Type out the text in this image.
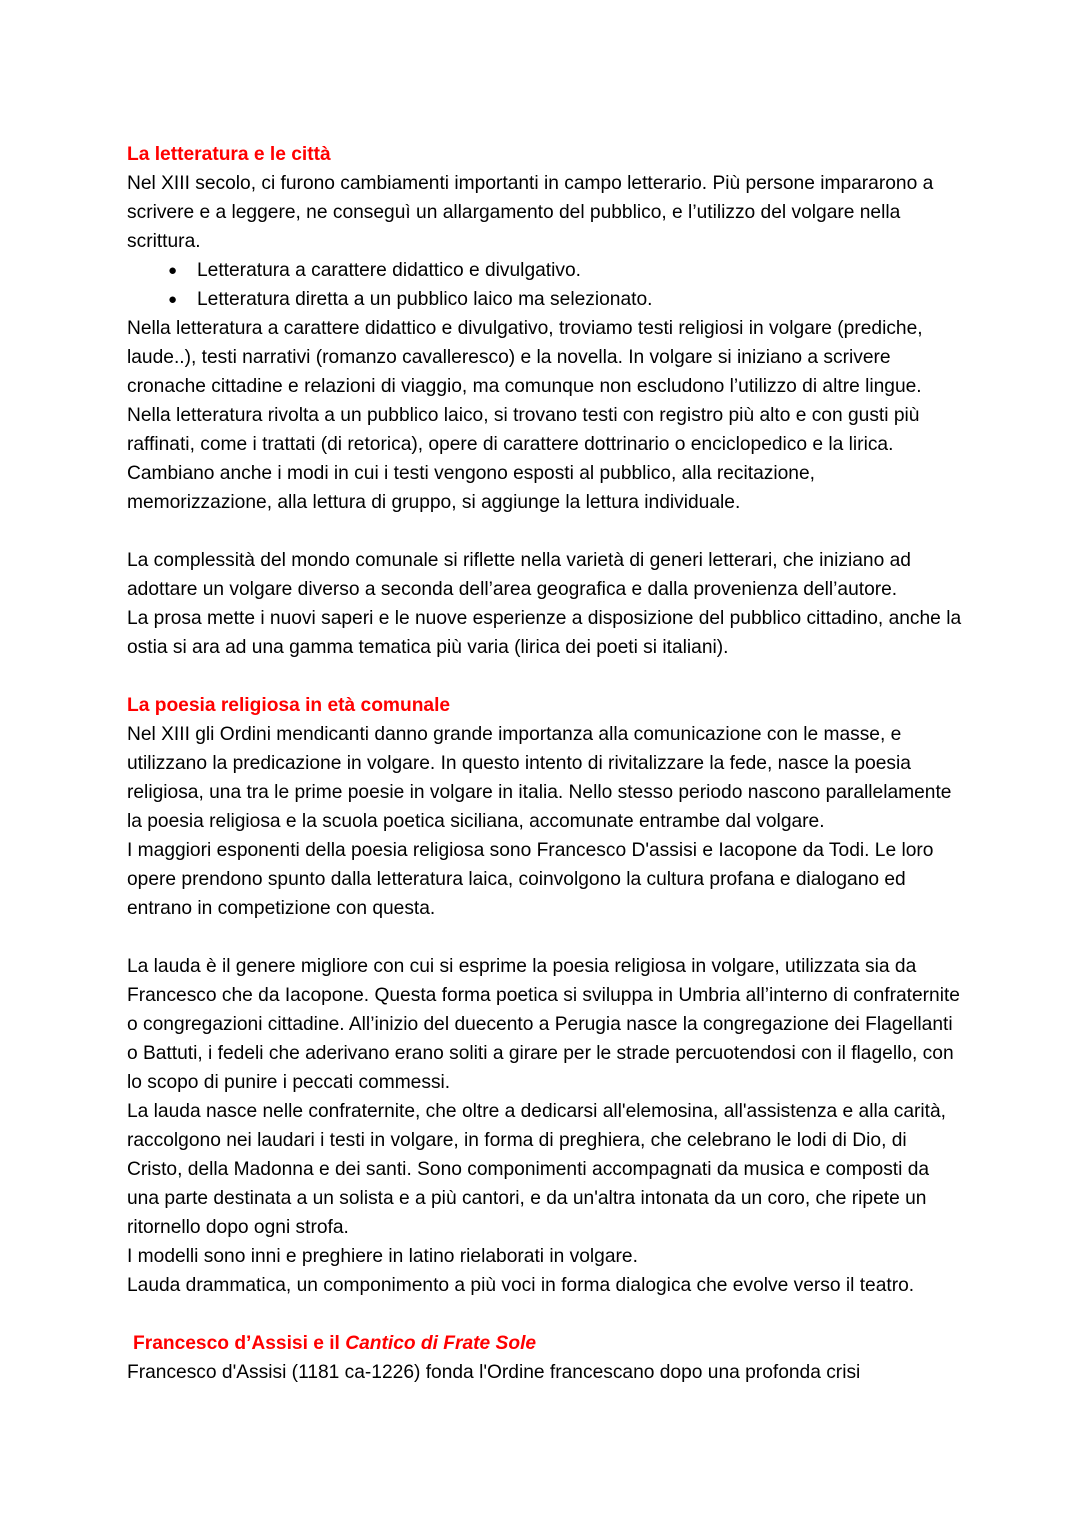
La letteratura e le città

Nel XIII secolo, ci furono cambiamenti importanti in campo letterario. Più persone impararono a scrivere e a leggere, ne conseguì un allargamento del pubblico, e l’utilizzo del volgare nella scrittura.

● Letteratura a carattere didattico e divulgativo.
● Letteratura diretta a un pubblico laico ma selezionato.

Nella letteratura a carattere didattico e divulgativo, troviamo testi religiosi in volgare (prediche, laude..), testi narrativi (romanzo cavalleresco) e la novella. In volgare si iniziano a scrivere cronache cittadine e relazioni di viaggio, ma comunque non escludono l’utilizzo di altre lingue.

Nella letteratura rivolta a un pubblico laico, si trovano testi con registro più alto e con gusti più raffinati, come i trattati (di retorica), opere di carattere dottrinario o enciclopedico e la lirica.

Cambiano anche i modi in cui i testi vengono esposti al pubblico, alla recitazione, memorizzazione, alla lettura di gruppo, si aggiunge la lettura individuale.

La complessità del mondo comunale si riflette nella varietà di generi letterari, che iniziano ad adottare un volgare diverso a seconda dell’area geografica e dalla provenienza dell’autore.

La prosa mette i nuovi saperi e le nuove esperienze a disposizione del pubblico cittadino, anche la ostia si ara ad una gamma tematica più varia (lirica dei poeti si italiani).

La poesia religiosa in età comunale

Nel XIII gli Ordini mendicanti danno grande importanza alla comunicazione con le masse, e utilizzano la predicazione in volgare. In questo intento di rivitalizzare la fede, nasce la poesia religiosa, una tra le prime poesie in volgare in italia. Nello stesso periodo nascono parallelamente la poesia religiosa e la scuola poetica siciliana, accomunate entrambe dal volgare.

I maggiori esponenti della poesia religiosa sono Francesco D'assisi e Iacopone da Todi. Le loro opere prendono spunto dalla letteratura laica, coinvolgono la cultura profana e dialogano ed entrano in competizione con questa.

La lauda è il genere migliore con cui si esprime la poesia religiosa in volgare, utilizzata sia da Francesco che da Iacopone. Questa forma poetica si sviluppa in Umbria all’interno di confraternite o congregazioni cittadine. All’inizio del duecento a Perugia nasce la congregazione dei Flagellanti o Battuti, i fedeli che aderivano erano soliti a girare per le strade percuotendosi con il flagello, con lo scopo di punire i peccati commessi.

La lauda nasce nelle confraternite, che oltre a dedicarsi all'elemosina, all'assistenza e alla carità, raccolgono nei laudari i testi in volgare, in forma di preghiera, che celebrano le lodi di Dio, di Cristo, della Madonna e dei santi. Sono componimenti accompagnati da musica e composti da una parte destinata a un solista e a più cantori, e da un'altra intonata da un coro, che ripete un ritornello dopo ogni strofa.

I modelli sono inni e preghiere in latino rielaborati in volgare.

Lauda drammatica, un componimento a più voci in forma dialogica che evolve verso il teatro.

Francesco d’Assisi e il Cantico di Frate Sole

Francesco d'Assisi (1181 ca-1226) fonda l'Ordine francescano dopo una profonda crisi
